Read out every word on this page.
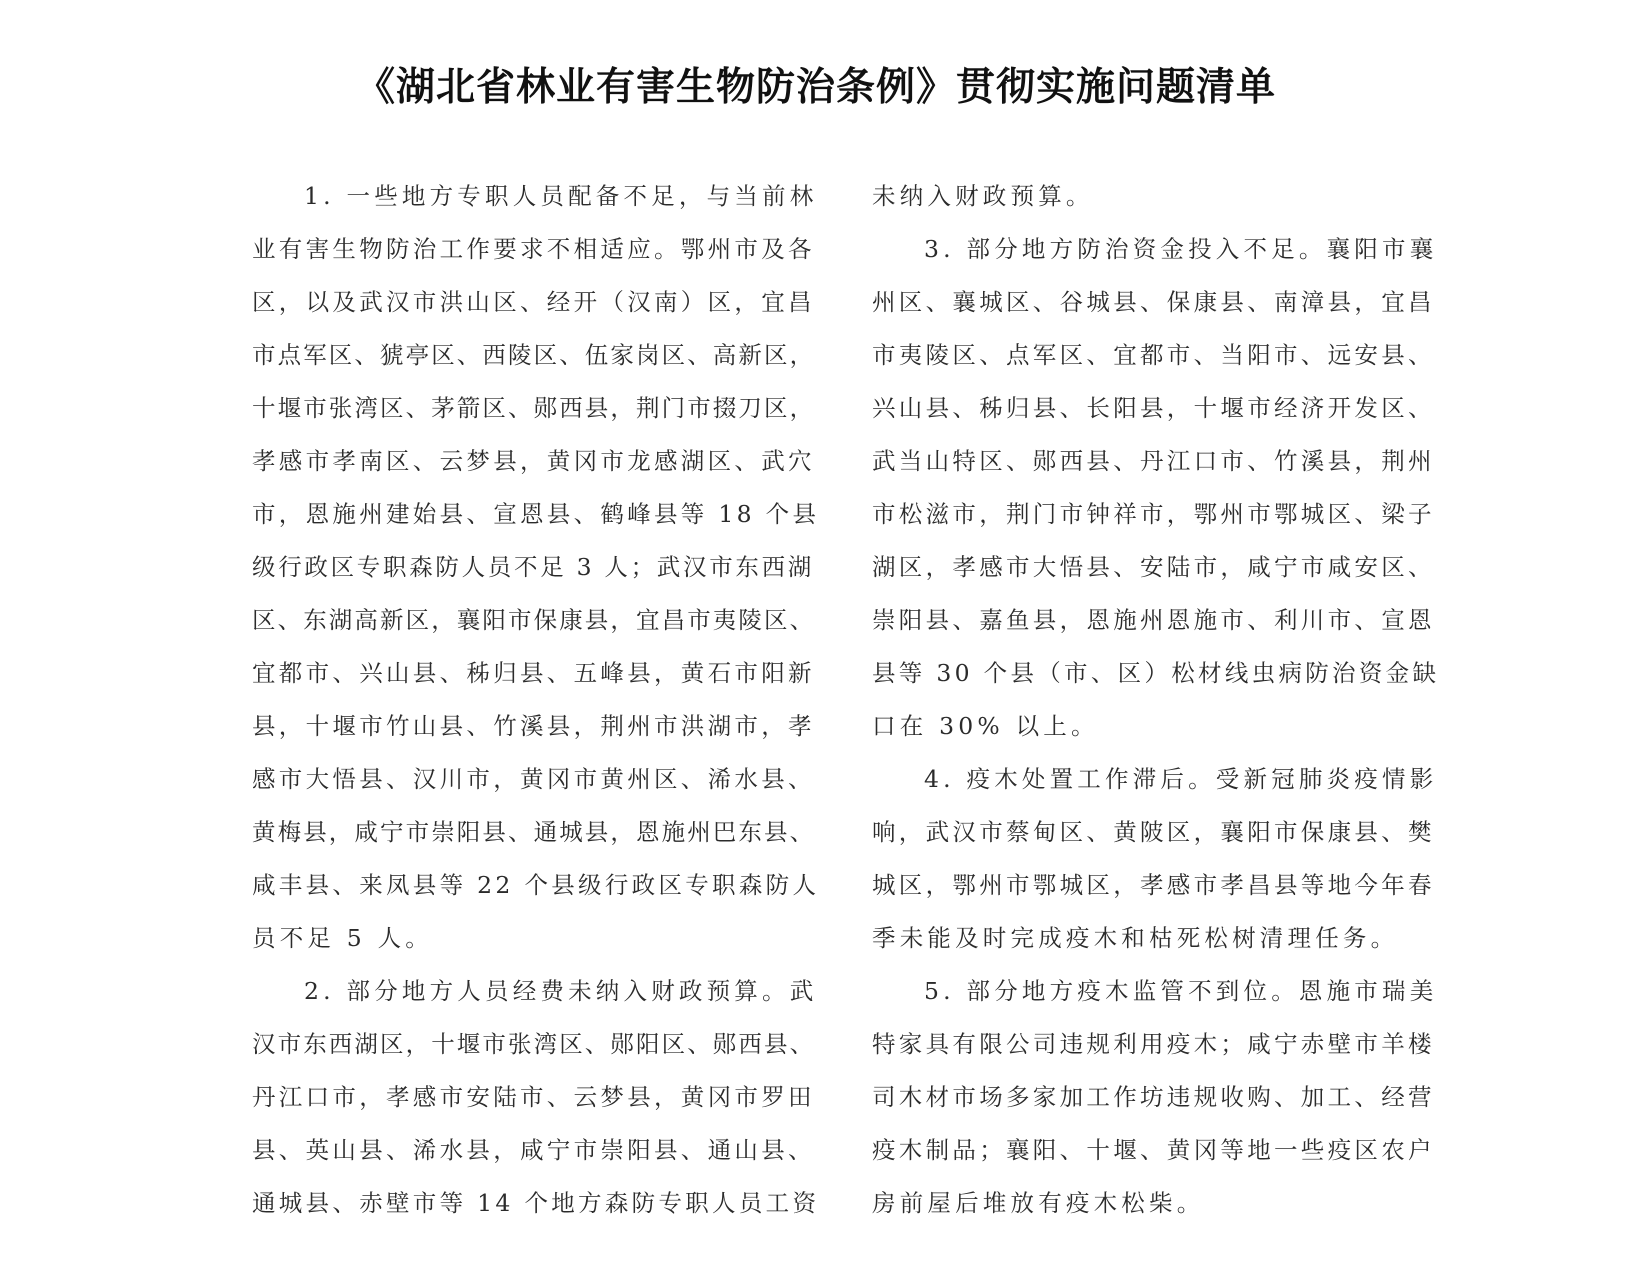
《湖北省林业有害生物防治条例》贯彻实施问题清单
1. 一些地方专职人员配备不足，与当前林
业有害生物防治工作要求不相适应。鄂州市及各
区，以及武汉市洪山区、经开（汉南）区，宜昌
市点军区、猇亭区、西陵区、伍家岗区、高新区，
十堰市张湾区、茅箭区、郧西县，荆门市掇刀区，
孝感市孝南区、云梦县，黄冈市龙感湖区、武穴
市，恩施州建始县、宣恩县、鹤峰县等 18 个县
级行政区专职森防人员不足 3 人；武汉市东西湖
区、东湖高新区，襄阳市保康县，宜昌市夷陵区、
宜都市、兴山县、秭归县、五峰县，黄石市阳新
县，十堰市竹山县、竹溪县，荆州市洪湖市，孝
感市大悟县、汉川市，黄冈市黄州区、浠水县、
黄梅县，咸宁市崇阳县、通城县，恩施州巴东县、
咸丰县、来凤县等 22 个县级行政区专职森防人
员不足 5 人。
2. 部分地方人员经费未纳入财政预算。武
汉市东西湖区，十堰市张湾区、郧阳区、郧西县、
丹江口市，孝感市安陆市、云梦县，黄冈市罗田
县、英山县、浠水县，咸宁市崇阳县、通山县、
通城县、赤壁市等 14 个地方森防专职人员工资
未纳入财政预算。
3. 部分地方防治资金投入不足。襄阳市襄
州区、襄城区、谷城县、保康县、南漳县，宜昌
市夷陵区、点军区、宜都市、当阳市、远安县、
兴山县、秭归县、长阳县，十堰市经济开发区、
武当山特区、郧西县、丹江口市、竹溪县，荆州
市松滋市，荆门市钟祥市，鄂州市鄂城区、梁子
湖区，孝感市大悟县、安陆市，咸宁市咸安区、
崇阳县、嘉鱼县，恩施州恩施市、利川市、宣恩
县等 30 个县（市、区）松材线虫病防治资金缺
口在 30% 以上。
4. 疫木处置工作滞后。受新冠肺炎疫情影
响，武汉市蔡甸区、黄陂区，襄阳市保康县、樊
城区，鄂州市鄂城区，孝感市孝昌县等地今年春
季未能及时完成疫木和枯死松树清理任务。
5. 部分地方疫木监管不到位。恩施市瑞美
特家具有限公司违规利用疫木；咸宁赤壁市羊楼
司木材市场多家加工作坊违规收购、加工、经营
疫木制品；襄阳、十堰、黄冈等地一些疫区农户
房前屋后堆放有疫木松柴。
